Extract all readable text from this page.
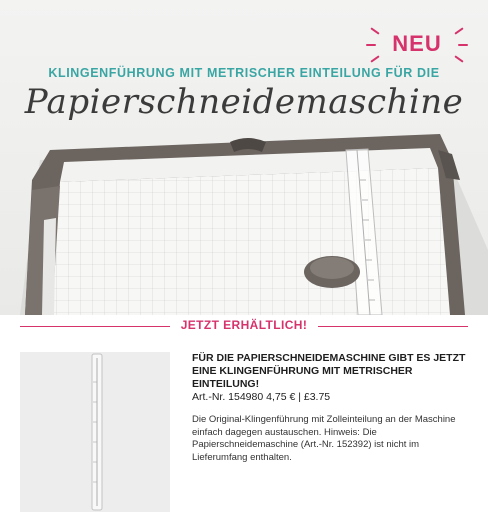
NEU
KLINGENFÜHRUNG MIT METRISCHER EINTEILUNG FÜR DIE
Papierschneidemaschine
JETZT ERHÄLTLICH!

FÜR DIE PAPIERSCHNEIDEMASCHINE GIBT ES JETZT EINE KLINGENFÜHRUNG MIT METRISCHER EINTEILUNG!

Art.-Nr. 154980 4,75 € | £3.75

Die Original-Klingenführung mit Zolleinteilung an der Maschine einfach dagegen austauschen. Hinweis: Die Papierschneidemaschine (Art.-Nr. 152392) ist nicht im Lieferumfang enthalten.
